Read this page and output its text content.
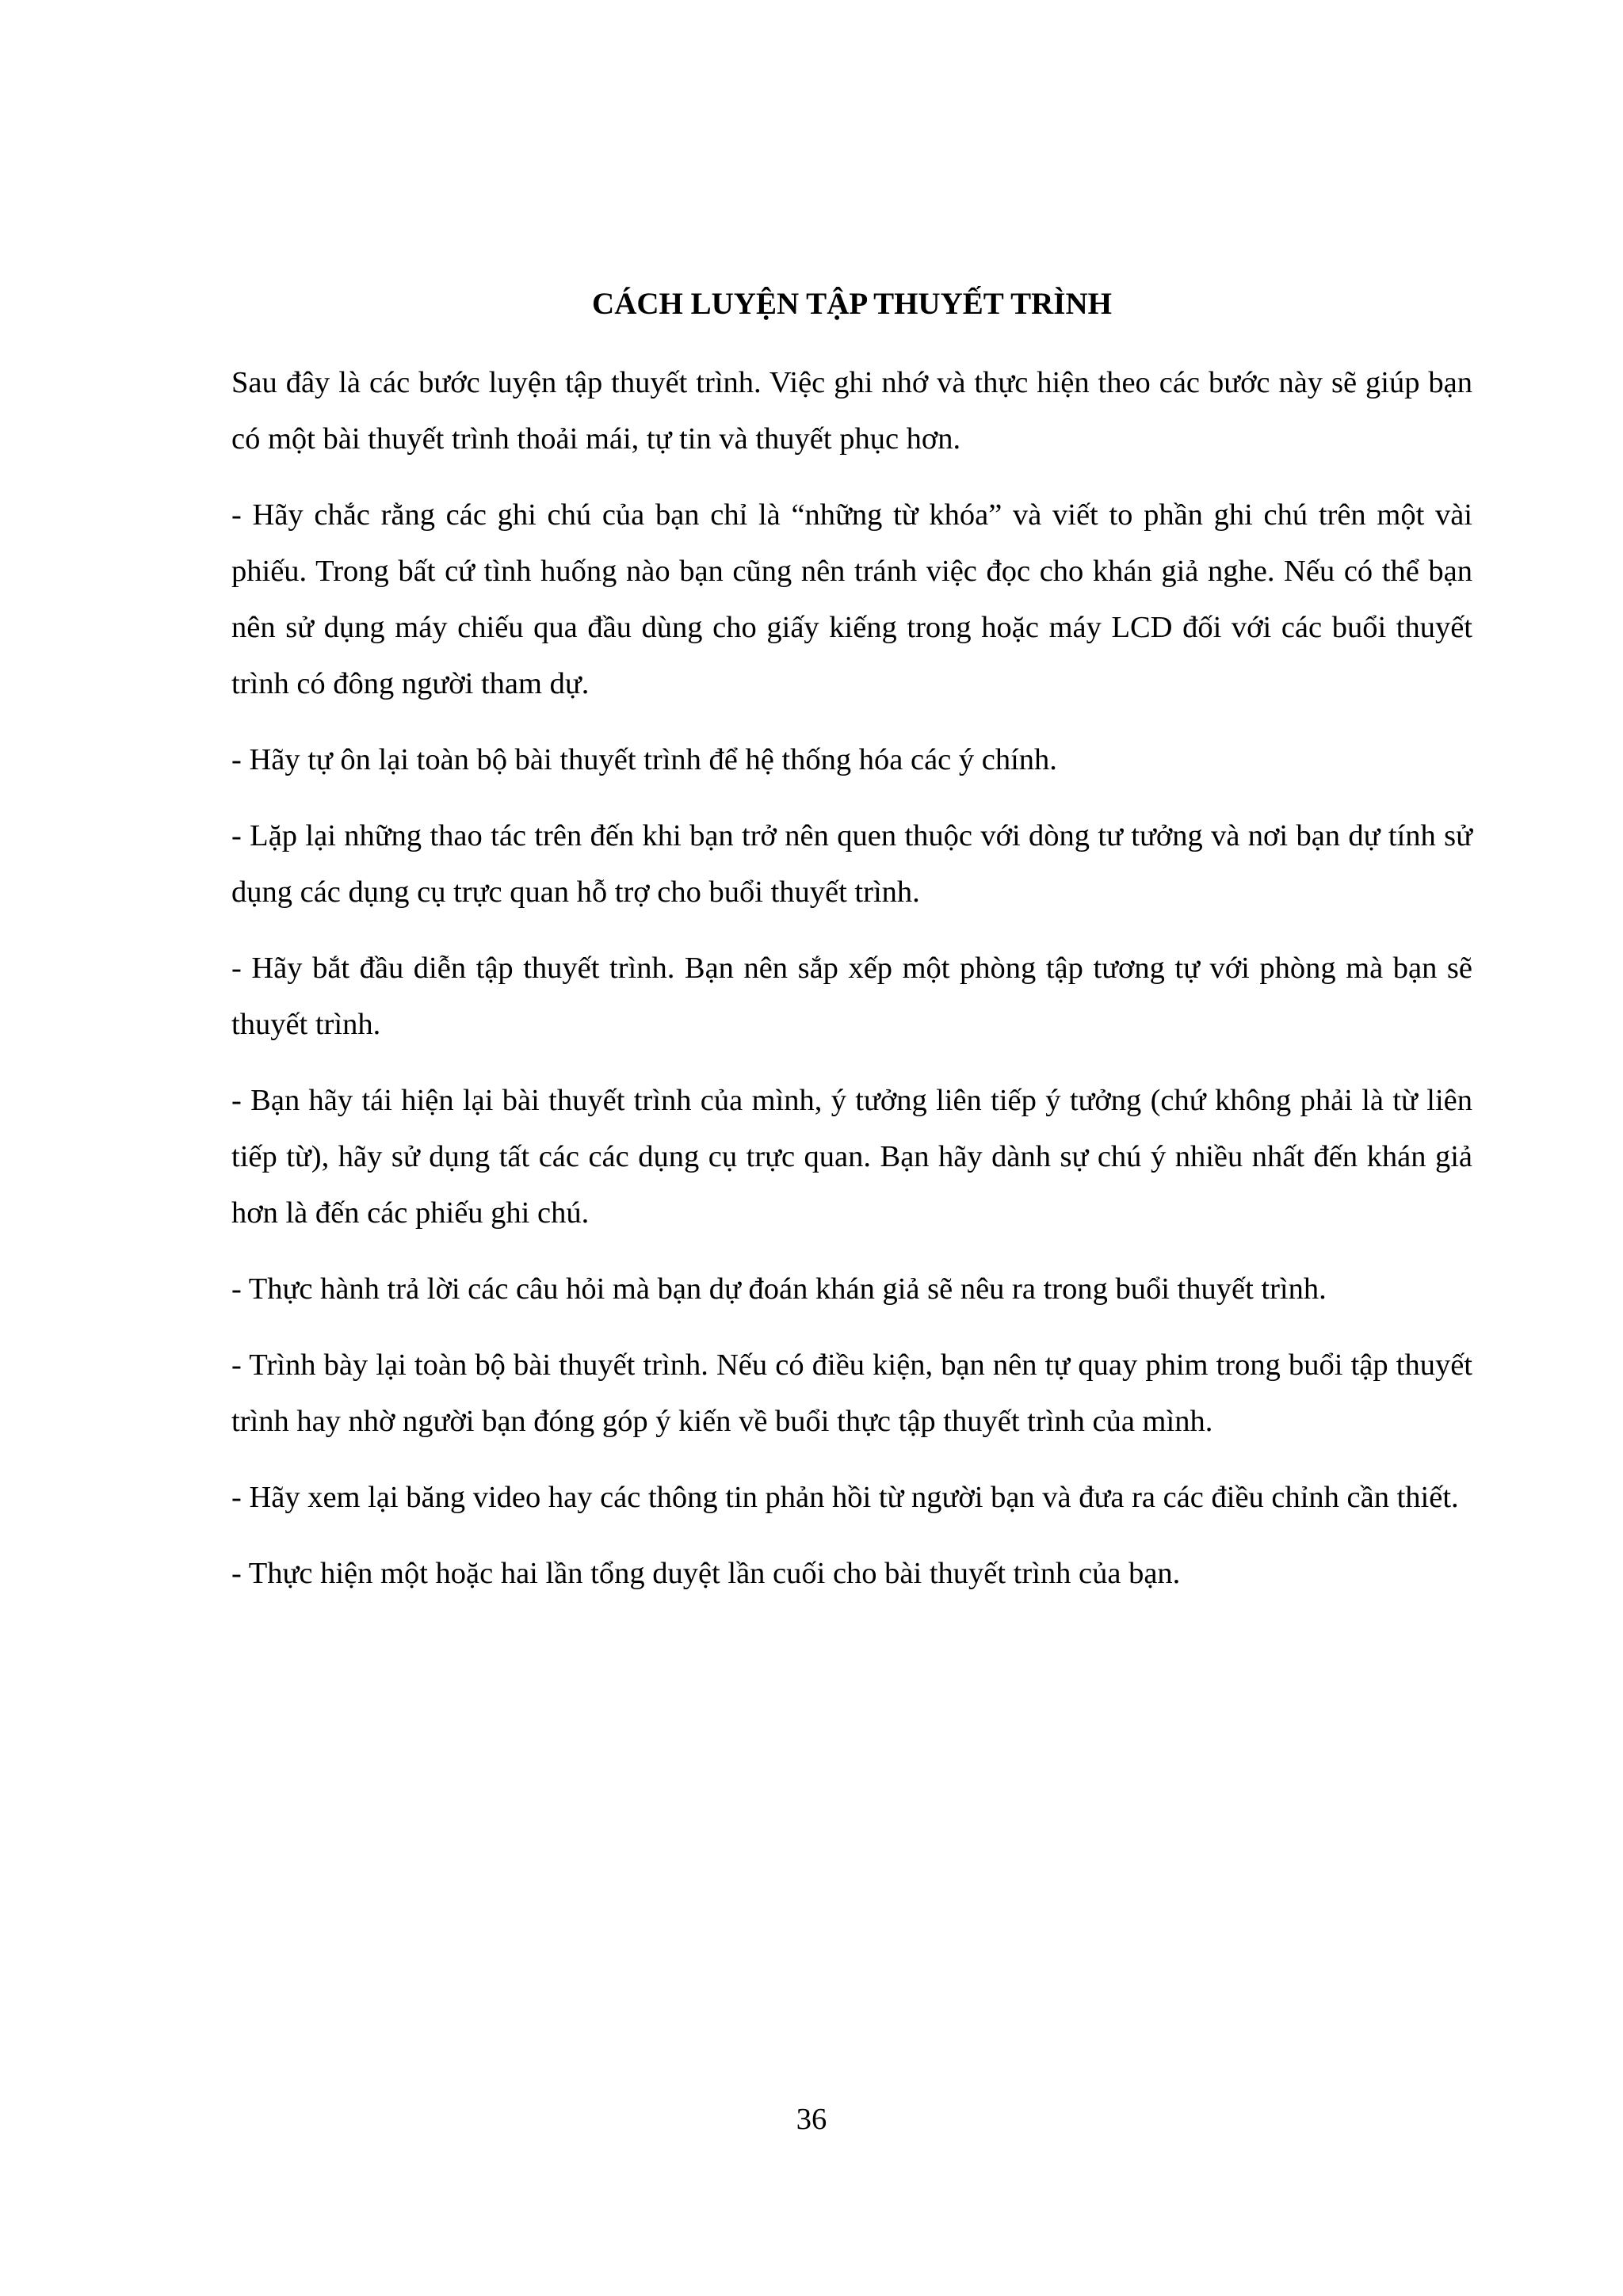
CÁCH LUYỆN TẬP THUYẾT TRÌNH

Sau đây là các bước luyện tập thuyết trình. Việc ghi nhớ và thực hiện theo các bước này sẽ giúp bạn có một bài thuyết trình thoải mái, tự tin và thuyết phục hơn.

- Hãy chắc rằng các ghi chú của bạn chỉ là “những từ khóa” và viết to phần ghi chú trên một vài phiếu. Trong bất cứ tình huống nào bạn cũng nên tránh việc đọc cho khán giả nghe. Nếu có thể bạn nên sử dụng máy chiếu qua đầu dùng cho giấy kiếng trong hoặc máy LCD đối với các buổi thuyết trình có đông người tham dự.

- Hãy tự ôn lại toàn bộ bài thuyết trình để hệ thống hóa các ý chính.

- Lặp lại những thao tác trên đến khi bạn trở nên quen thuộc với dòng tư tưởng và nơi bạn dự tính sử dụng các dụng cụ trực quan hỗ trợ cho buổi thuyết trình.

- Hãy bắt đầu diễn tập thuyết trình. Bạn nên sắp xếp một phòng tập tương tự với phòng mà bạn sẽ thuyết trình.

- Bạn hãy tái hiện lại bài thuyết trình của mình, ý tưởng liên tiếp ý tưởng (chứ không phải là từ liên tiếp từ), hãy sử dụng tất các các dụng cụ trực quan. Bạn hãy dành sự chú ý nhiều nhất đến khán giả hơn là đến các phiếu ghi chú.

- Thực hành trả lời các câu hỏi mà bạn dự đoán khán giả sẽ nêu ra trong buổi thuyết trình.

- Trình bày lại toàn bộ bài thuyết trình. Nếu có điều kiện, bạn nên tự quay phim trong buổi tập thuyết trình hay nhờ người bạn đóng góp ý kiến về buổi thực tập thuyết trình của mình.

- Hãy xem lại băng video hay các thông tin phản hồi từ người bạn và đưa ra các điều chỉnh cần thiết.

- Thực hiện một hoặc hai lần tổng duyệt lần cuối cho bài thuyết trình của bạn.

36
